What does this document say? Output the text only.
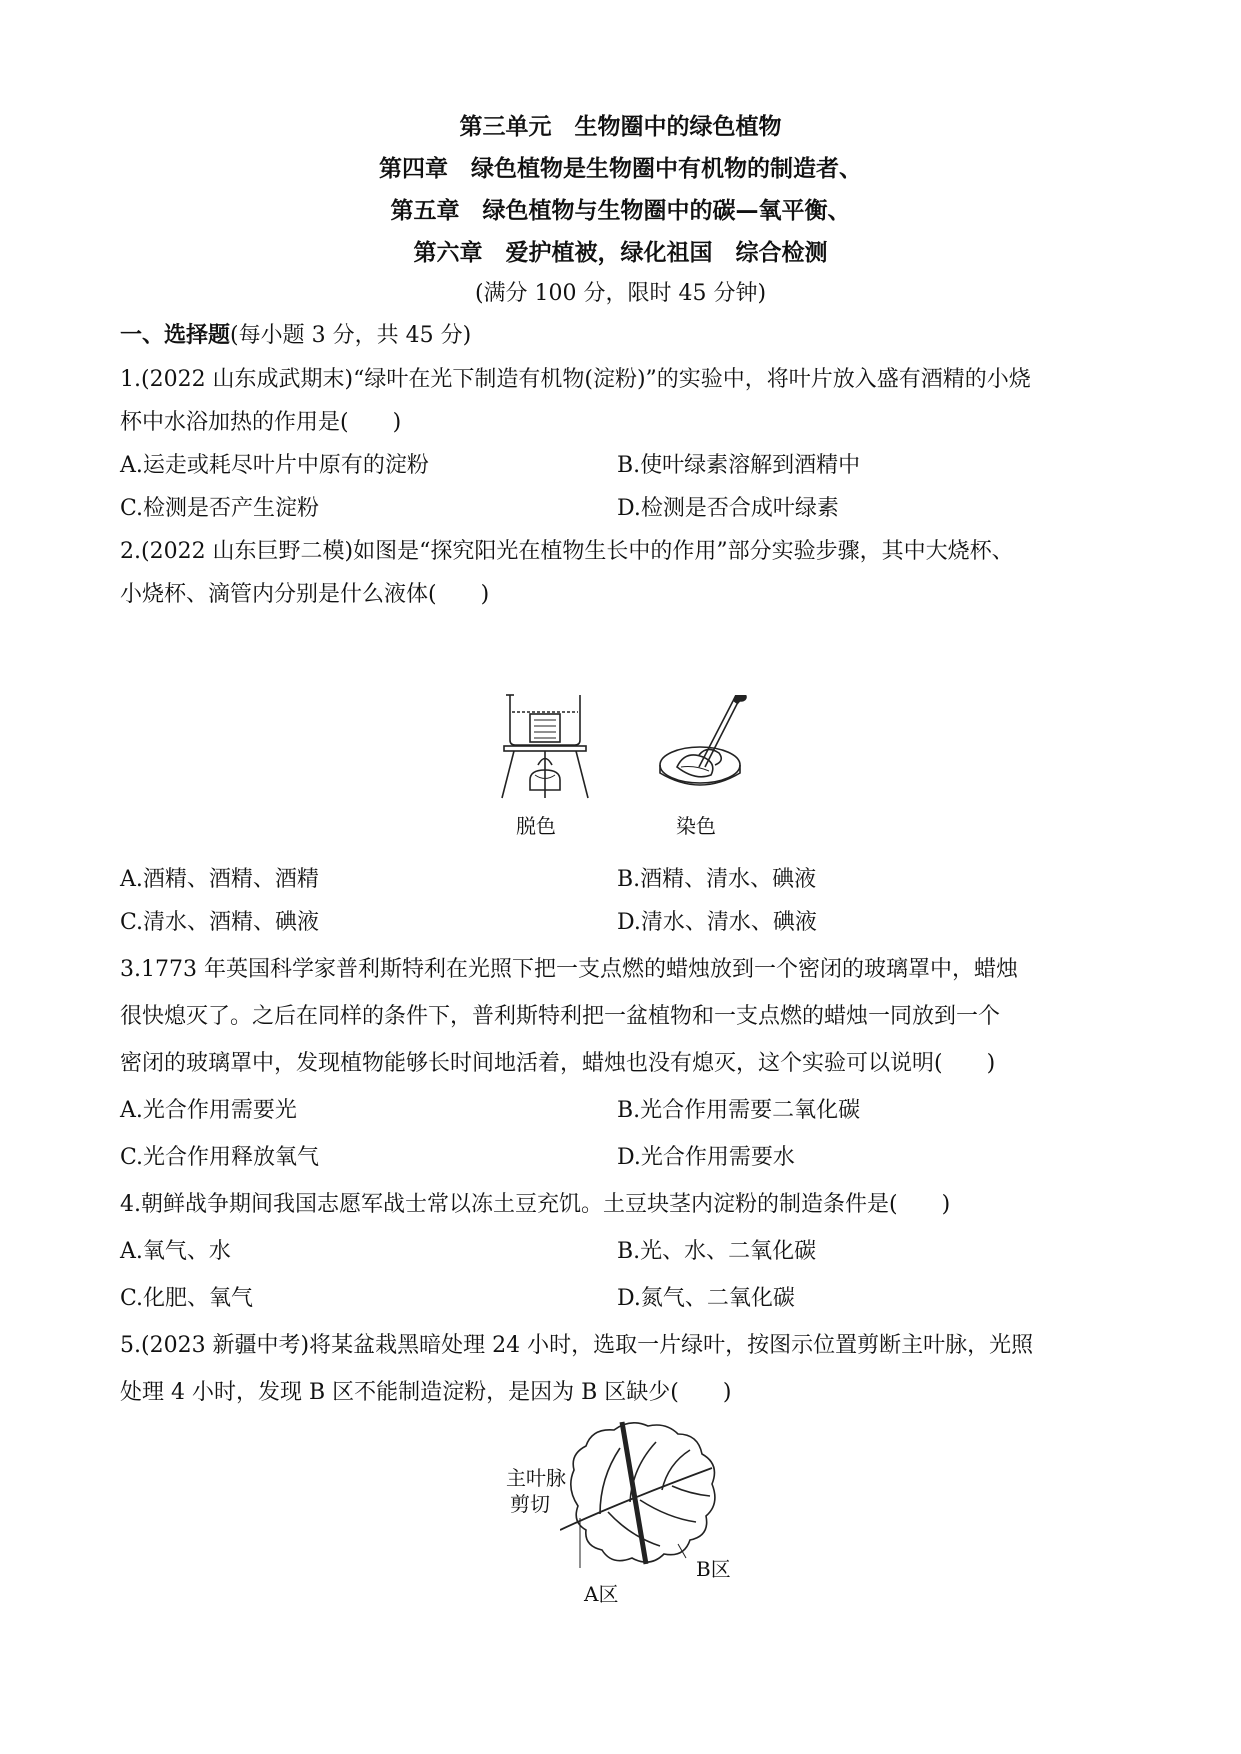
第三单元　生物圈中的绿色植物
第四章　绿色植物是生物圈中有机物的制造者、
第五章　绿色植物与生物圈中的碳—氧平衡、
第六章　爱护植被，绿化祖国　综合检测
(满分 100 分，限时 45 分钟)
一、选择题(每小题 3 分，共 45 分)
1.(2022 山东成武期末)“绿叶在光下制造有机物(淀粉)”的实验中，将叶片放入盛有酒精的小烧
杯中水浴加热的作用是(　　)
A.运走或耗尽叶片中原有的淀粉	B.使叶绿素溶解到酒精中
C.检测是否产生淀粉	D.检测是否合成叶绿素
2.(2022 山东巨野二模)如图是“探究阳光在植物生长中的作用”部分实验步骤，其中大烧杯、
小烧杯、滴管内分别是什么液体(　　)
脱色	染色
A.酒精、酒精、酒精	B.酒精、清水、碘液
C.清水、酒精、碘液	D.清水、清水、碘液
3.1773 年英国科学家普利斯特利在光照下把一支点燃的蜡烛放到一个密闭的玻璃罩中，蜡烛
很快熄灭了。之后在同样的条件下，普利斯特利把一盆植物和一支点燃的蜡烛一同放到一个
密闭的玻璃罩中，发现植物能够长时间地活着，蜡烛也没有熄灭，这个实验可以说明(　　)
A.光合作用需要光	B.光合作用需要二氧化碳
C.光合作用释放氧气	D.光合作用需要水
4.朝鲜战争期间我国志愿军战士常以冻土豆充饥。土豆块茎内淀粉的制造条件是(　　)
A.氧气、水	B.光、水、二氧化碳
C.化肥、氧气	D.氮气、二氧化碳
5.(2023 新疆中考)将某盆栽黑暗处理 24 小时，选取一片绿叶，按图示位置剪断主叶脉，光照
处理 4 小时，发现 B 区不能制造淀粉，是因为 B 区缺少(　　)
主叶脉
剪切
A区
B区
